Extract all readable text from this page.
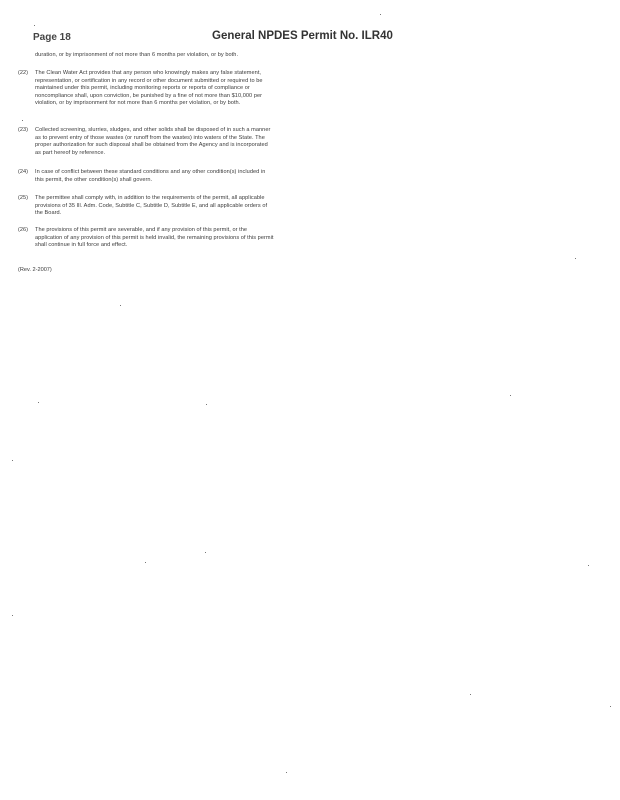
Page 18	General NPDES Permit No. ILR40
duration, or by imprisonment of not more than 6 months per violation, or by both.
(22) The Clean Water Act provides that any person who knowingly makes any false statement, representation, or certification in any record or other document submitted or required to be maintained under this permit, including monitoring reports or reports of compliance or noncompliance shall, upon conviction, be punished by a fine of not more than $10,000 per violation, or by imprisonment for not more than 6 months per violation, or by both.
(23) Collected screening, slurries, sludges, and other solids shall be disposed of in such a manner as to prevent entry of those wastes (or runoff from the wastes) into waters of the State. The proper authorization for such disposal shall be obtained from the Agency and is incorporated as part hereof by reference.
(24) In case of conflict between these standard conditions and any other condition(s) included in this permit, the other condition(s) shall govern.
(25) The permittee shall comply with, in addition to the requirements of the permit, all applicable provisions of 35 Ill. Adm. Code, Subtitle C, Subtitle D, Subtitle E, and all applicable orders of the Board.
(26) The provisions of this permit are severable, and if any provision of this permit, or the application of any provision of this permit is held invalid, the remaining provisions of this permit shall continue in full force and effect.
(Rev. 2-2007)
